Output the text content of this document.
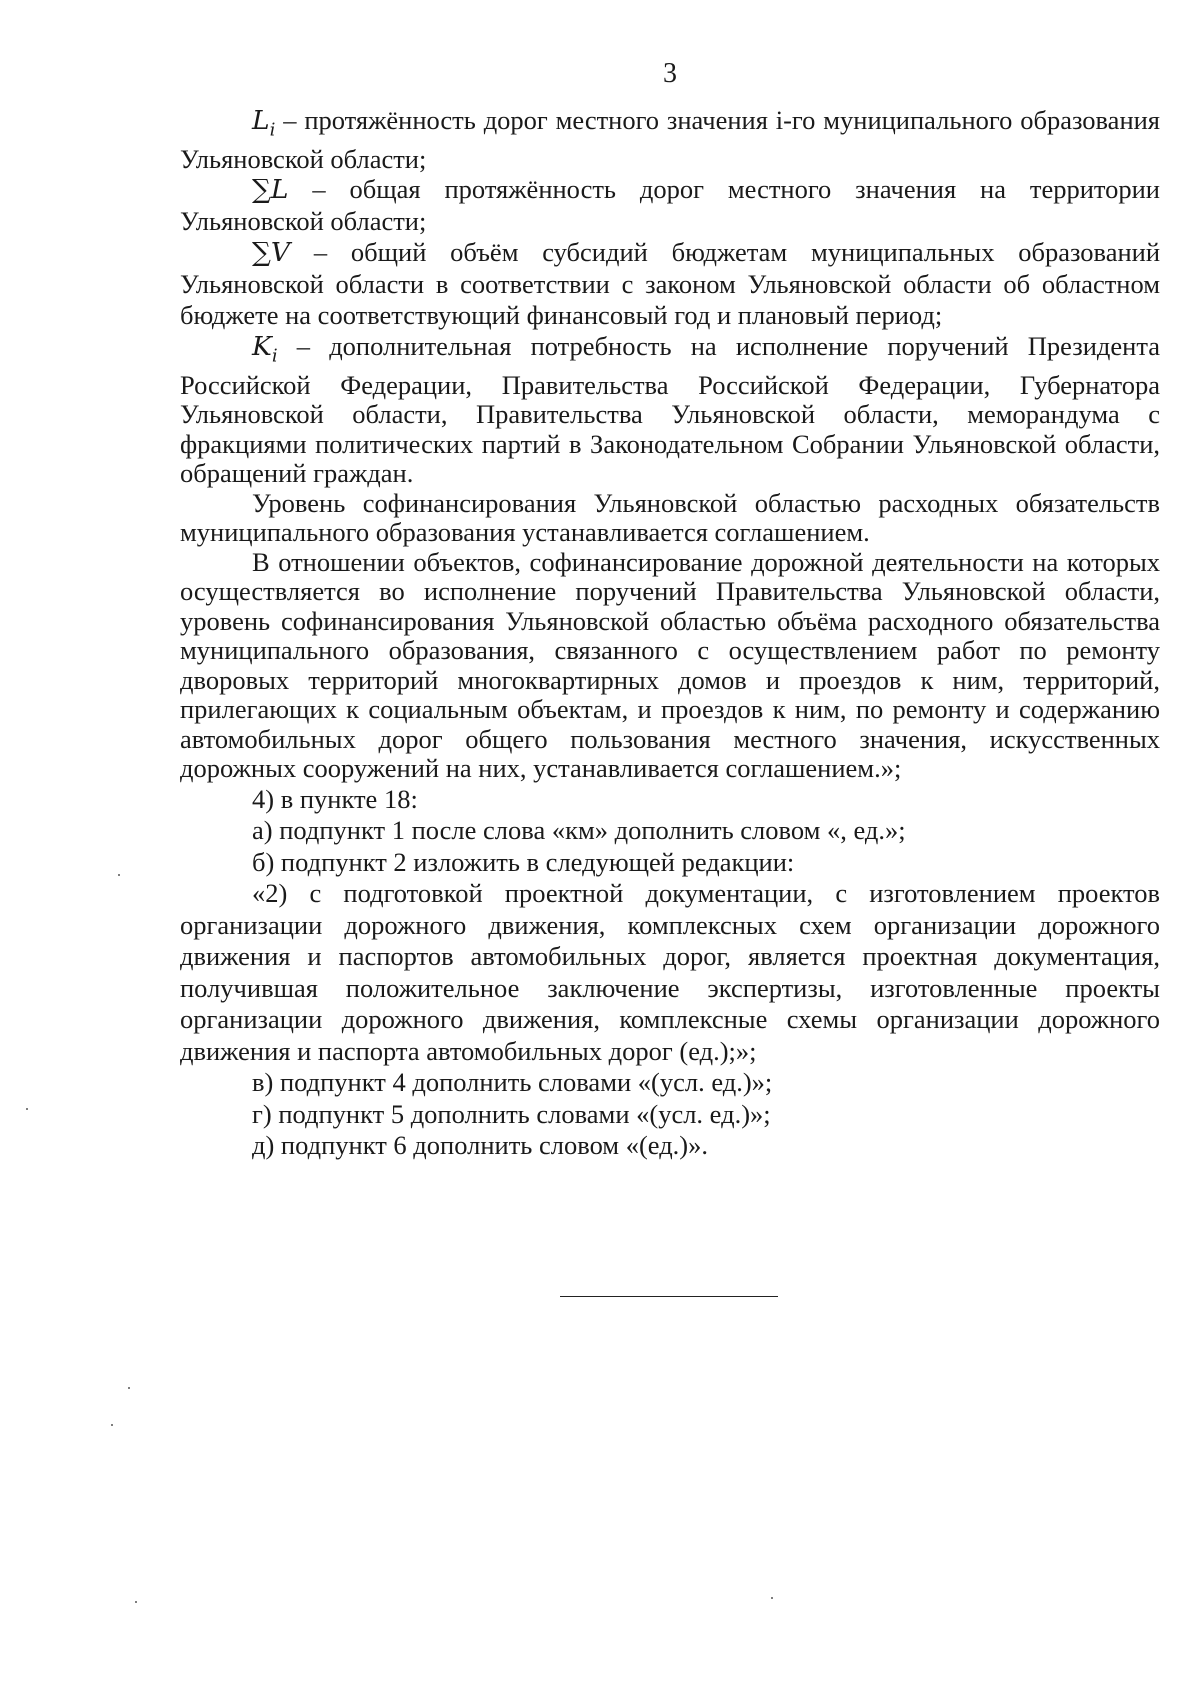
3

$L_i$ – протяжённость дорог местного значения i-го муниципального образования Ульяновской области;

∑L – общая протяжённость дорог местного значения на территории Ульяновской области;

∑V – общий объём субсидий бюджетам муниципальных образований Ульяновской области в соответствии с законом Ульяновской области об областном бюджете на соответствующий финансовый год и плановый период;

$K_i$ – дополнительная потребность на исполнение поручений Президента Российской Федерации, Правительства Российской Федерации, Губернатора Ульяновской области, Правительства Ульяновской области, меморандума с фракциями политических партий в Законодательном Собрании Ульяновской области, обращений граждан.

Уровень софинансирования Ульяновской областью расходных обязательств муниципального образования устанавливается соглашением.

В отношении объектов, софинансирование дорожной деятельности на которых осуществляется во исполнение поручений Правительства Ульяновской области, уровень софинансирования Ульяновской областью объёма расходного обязательства муниципального образования, связанного с осуществлением работ по ремонту дворовых территорий многоквартирных домов и проездов к ним, территорий, прилегающих к социальным объектам, и проездов к ним, по ремонту и содержанию автомобильных дорог общего пользования местного значения, искусственных дорожных сооружений на них, устанавливается соглашением.»;

4) в пункте 18:

а) подпункт 1 после слова «км» дополнить словом «, ед.»;

б) подпункт 2 изложить в следующей редакции:

«2) с подготовкой проектной документации, с изготовлением проектов организации дорожного движения, комплексных схем организации дорожного движения и паспортов автомобильных дорог, является проектная документация, получившая положительное заключение экспертизы, изготовленные проекты организации дорожного движения, комплексные схемы организации дорожного движения и паспорта автомобильных дорог (ед.);»;

в) подпункт 4 дополнить словами «(усл. ед.)»;

г) подпункт 5 дополнить словами «(усл. ед.)»;

д) подпункт 6 дополнить словом «(ед.)».
